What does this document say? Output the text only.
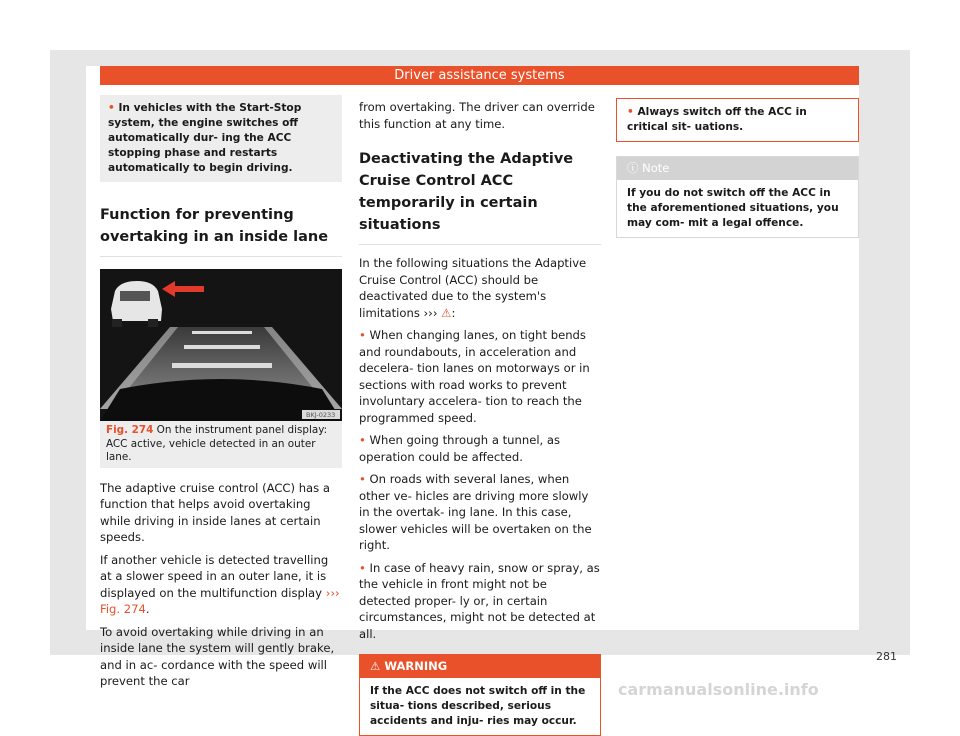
Driver assistance systems
• In vehicles with the Start-Stop system, the engine switches off automatically dur- ing the ACC stopping phase and restarts automatically to begin driving.
Function for preventing overtaking in an inside lane
BKJ-0233
Fig. 274 On the instrument panel display: ACC active, vehicle detected in an outer lane.

The adaptive cruise control (ACC) has a function that helps avoid overtaking while driving in inside lanes at certain speeds.

If another vehicle is detected travelling at a slower speed in an outer lane, it is displayed on the multifunction display ››› Fig. 274.

To avoid overtaking while driving in an inside lane the system will gently brake, and in ac- cordance with the speed will prevent the car

from overtaking. The driver can override this function at any time.

Deactivating the Adaptive Cruise Control ACC temporarily in certain situations

In the following situations the Adaptive Cruise Control (ACC) should be deactivated due to the system's limitations ››› ⚠:

• When changing lanes, on tight bends and roundabouts, in acceleration and decelera- tion lanes on motorways or in sections with road works to prevent involuntary accelera- tion to reach the programmed speed.

• When going through a tunnel, as operation could be affected.

• On roads with several lanes, when other ve- hicles are driving more slowly in the overtak- ing lane. In this case, slower vehicles will be overtaken on the right.

• In case of heavy rain, snow or spray, as the vehicle in front might not be detected proper- ly or, in certain circumstances, might not be detected at all.

⚠ WARNING
If the ACC does not switch off in the situa- tions described, serious accidents and inju- ries may occur.
• Always switch off the ACC in critical sit- uations.
ⓘ Note
If you do not switch off the ACC in the aforementioned situations, you may com- mit a legal offence.
281
carmanualsonline.info
